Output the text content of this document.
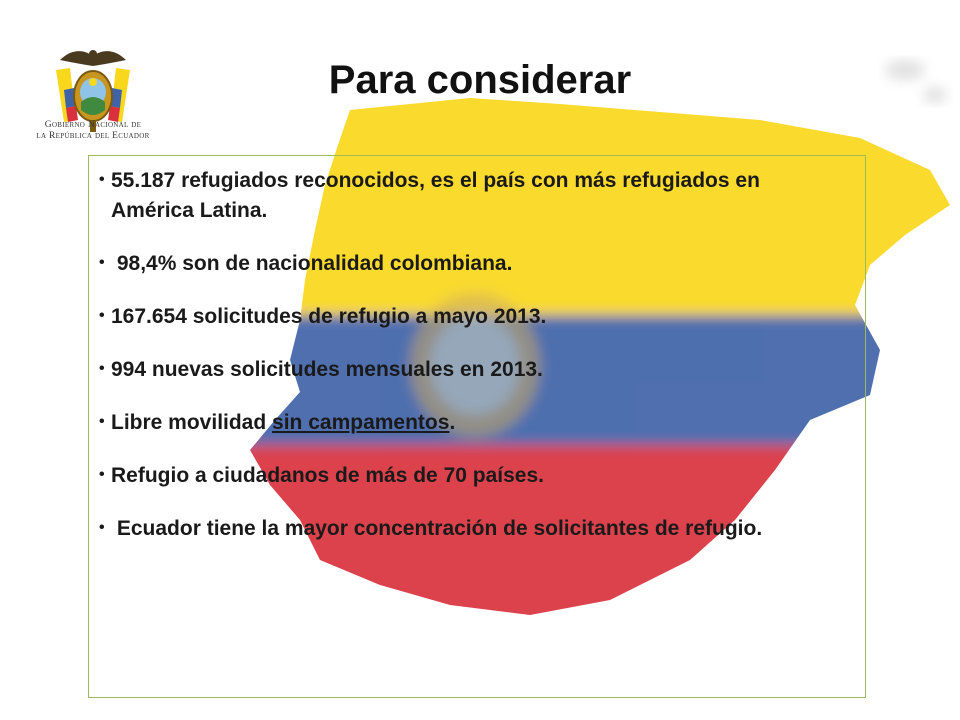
Gobierno Nacional de
la República del Ecuador
Para considerar
• 55.187 refugiados reconocidos, es el país con más refugiados en América Latina.
•  98,4% son de nacionalidad colombiana.
• 167.654 solicitudes de refugio a mayo 2013.
• 994 nuevas solicitudes mensuales en 2013.
• Libre movilidad sin campamentos.
• Refugio a ciudadanos de más de 70 países.
•  Ecuador tiene la mayor concentración de solicitantes de refugio.
